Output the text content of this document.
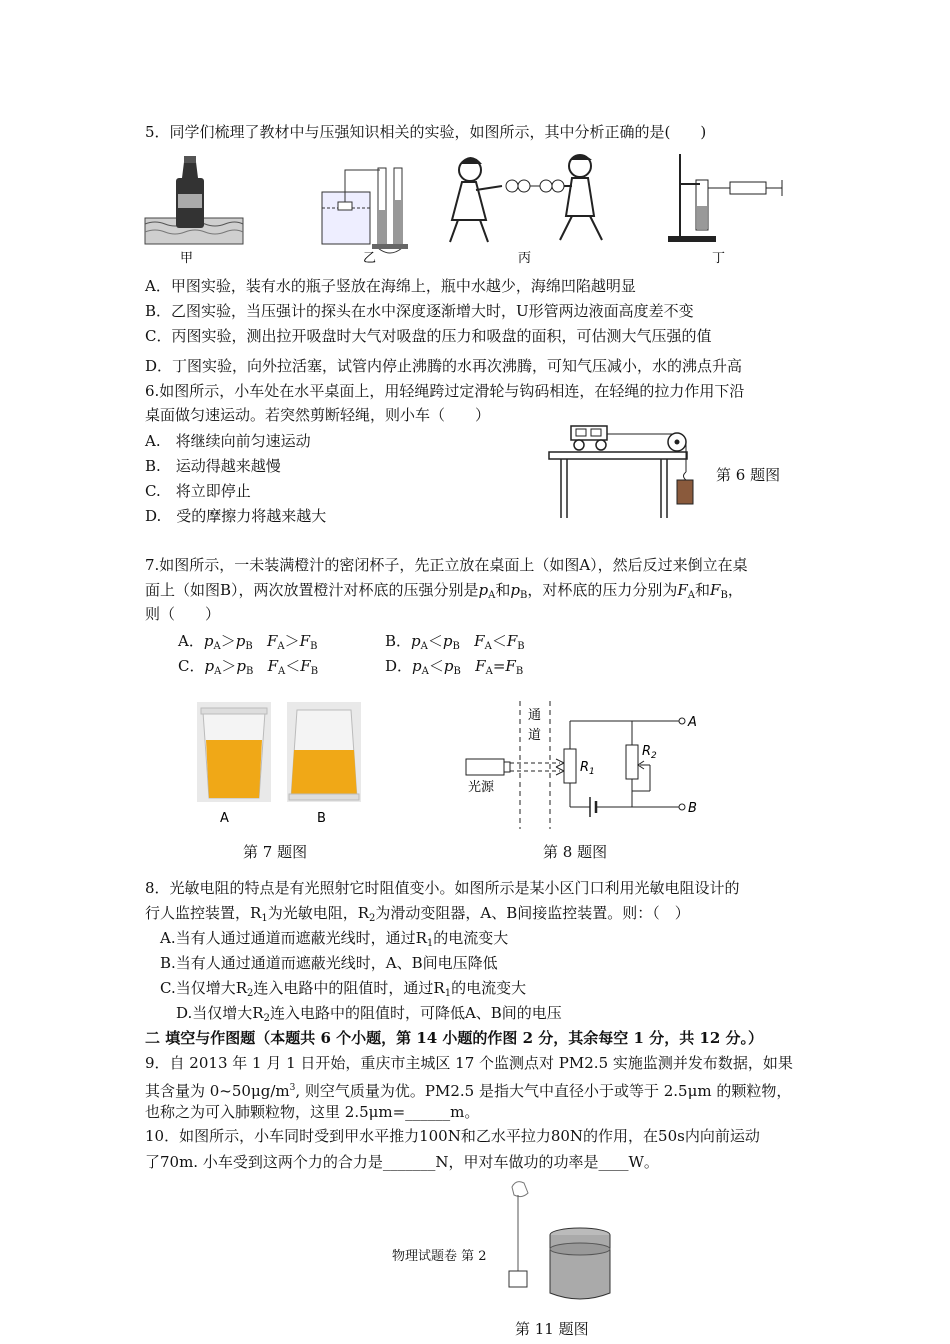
5．同学们梳理了教材中与压强知识相关的实验，如图所示，其中分析正确的是(　　)
甲	乙	丙	丁
A．甲图实验，装有水的瓶子竖放在海绵上，瓶中水越少，海绵凹陷越明显
B．乙图实验，当压强计的探头在水中深度逐渐增大时，U形管两边液面高度差不变
C．丙图实验，测出拉开吸盘时大气对吸盘的压力和吸盘的面积，可估测大气压强的值
D．丁图实验，向外拉活塞，试管内停止沸腾的水再次沸腾，可知气压减小，水的沸点升高
6.如图所示，小车处在水平桌面上，用轻绳跨过定滑轮与钩码相连，在轻绳的拉力作用下沿
桌面做匀速运动。若突然剪断轻绳，则小车（　　）
A.　将继续向前匀速运动
B.　运动得越来越慢
C.　将立即停止
D.　受的摩擦力将越来越大
第 6 题图
7.如图所示，一未装满橙汁的密闭杯子，先正立放在桌面上（如图A），然后反过来倒立在桌
面上（如图B），两次放置橙汁对杯底的压强分别是$p_A$和$p_B$，对杯底的压力分别为$F_A$和$F_B$，
则（　　）
A．$p_A>p_B$ $F_A>F_B$	B．$p_A<p_B$ $F_A<F_B$
C．$p_A>p_B$ $F_A<F_B$	D．$p_A<p_B$ $F_A=F_B$
A	B
第 7 题图
通
道
光源
$R_1$
$R_2$
A
B
第 8 题图
8．光敏电阻的特点是有光照射它时阻值变小。如图所示是某小区门口利用光敏电阻设计的
行人监控装置，$R_1$为光敏电阻，$R_2$为滑动变阻器，A、B间接监控装置。则：（　）
A.当有人通过通道而遮蔽光线时，通过$R_1$的电流变大
B.当有人通过通道而遮蔽光线时，A、B间电压降低
C.当仅增大$R_2$连入电路中的阻值时，通过$R_1$的电流变大
D.当仅增大$R_2$连入电路中的阻值时，可降低A、B间的电压
二 填空与作图题（本题共 6 个小题，第 14 小题的作图 2 分，其余每空 1 分，共 12 分。）
9．自 2013 年 1 月 1 日开始，重庆市主城区 17 个监测点对 PM2.5 实施监测并发布数据，如果
其含量为 $0\sim 50\mu g/m^3$, 则空气质量为优。PM2.5 是指大气中直径小于或等于 2.5μm 的颗粒物，
也称之为可入肺颗粒物，这里 2.5μm=______m。
10．如图所示，小车同时受到甲水平推力100N和乙水平拉力80N的作用，在50s内向前运动
了70m. 小车受到这两个力的合力是_______N，甲对车做功的功率是____W。
物理试题卷 第 2
第 11 题图
